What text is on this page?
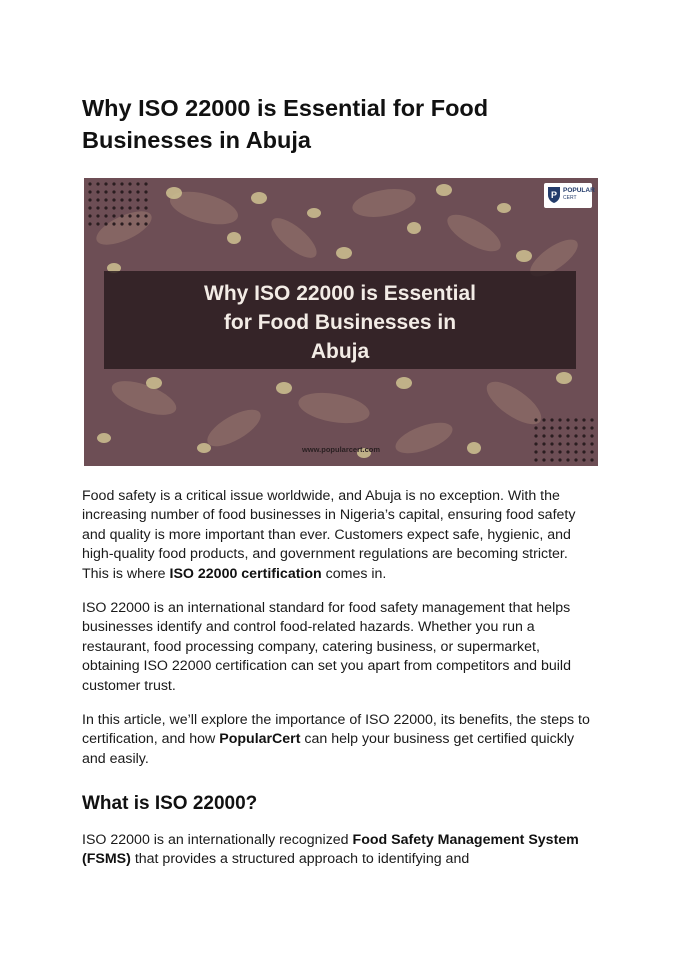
Why ISO 22000 is Essential for Food Businesses in Abuja
P POPULAR
CERT
Why ISO 22000 is Essential
for Food Businesses in
Abuja
www.popularcert.com

Food safety is a critical issue worldwide, and Abuja is no exception. With the increasing number of food businesses in Nigeria’s capital, ensuring food safety and quality is more important than ever. Customers expect safe, hygienic, and high-quality food products, and government regulations are becoming stricter. This is where ISO 22000 certification comes in.

ISO 22000 is an international standard for food safety management that helps businesses identify and control food-related hazards. Whether you run a restaurant, food processing company, catering business, or supermarket, obtaining ISO 22000 certification can set you apart from competitors and build customer trust.

In this article, we’ll explore the importance of ISO 22000, its benefits, the steps to certification, and how PopularCert can help your business get certified quickly and easily.

What is ISO 22000?

ISO 22000 is an internationally recognized Food Safety Management System (FSMS) that provides a structured approach to identifying and
